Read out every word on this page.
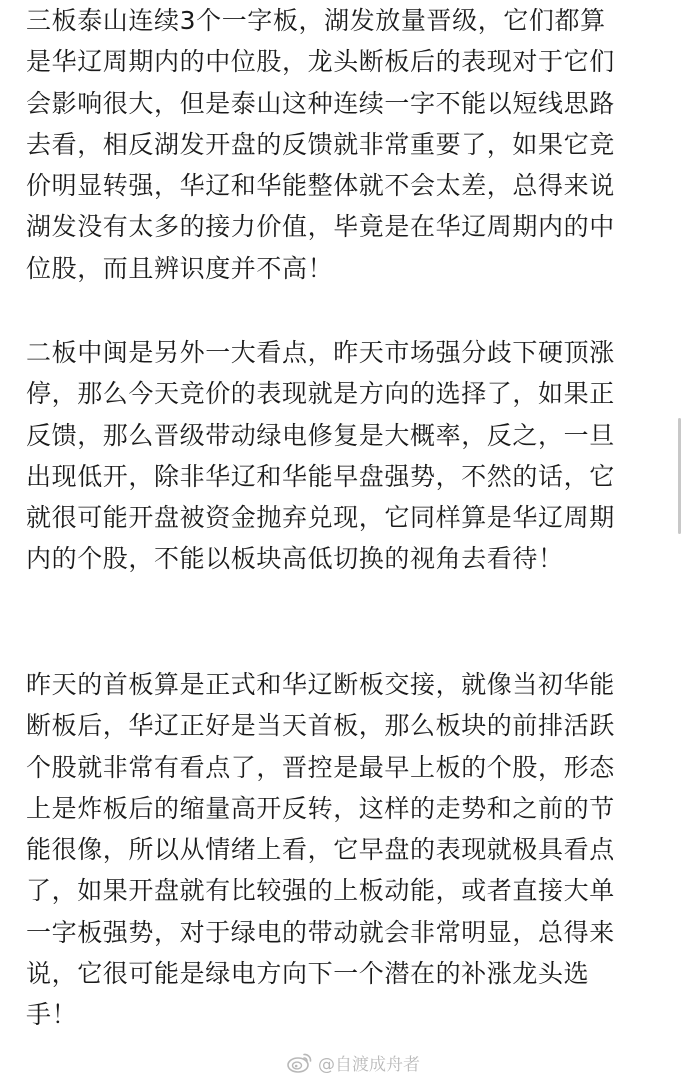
三板泰山连续3个一字板，湖发放量晋级，它们都算
是华辽周期内的中位股，龙头断板后的表现对于它们
会影响很大，但是泰山这种连续一字不能以短线思路
去看，相反湖发开盘的反馈就非常重要了，如果它竞
价明显转强，华辽和华能整体就不会太差，总得来说
湖发没有太多的接力价值，毕竟是在华辽周期内的中
位股，而且辨识度并不高！
二板中闽是另外一大看点，昨天市场强分歧下硬顶涨
停，那么今天竞价的表现就是方向的选择了，如果正
反馈，那么晋级带动绿电修复是大概率，反之，一旦
出现低开，除非华辽和华能早盘强势，不然的话，它
就很可能开盘被资金抛弃兑现，它同样算是华辽周期
内的个股，不能以板块高低切换的视角去看待！
昨天的首板算是正式和华辽断板交接，就像当初华能
断板后，华辽正好是当天首板，那么板块的前排活跃
个股就非常有看点了，晋控是最早上板的个股，形态
上是炸板后的缩量高开反转，这样的走势和之前的节
能很像，所以从情绪上看，它早盘的表现就极具看点
了，如果开盘就有比较强的上板动能，或者直接大单
一字板强势，对于绿电的带动就会非常明显，总得来
说，它很可能是绿电方向下一个潜在的补涨龙头选
手！
@自渡成舟者
